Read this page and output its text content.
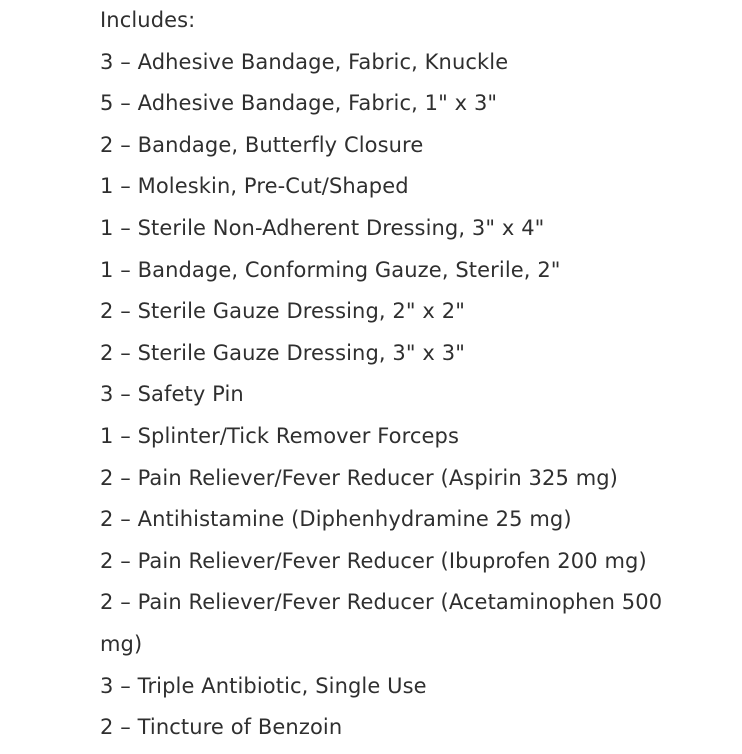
Includes:
3 – Adhesive Bandage, Fabric, Knuckle
5 – Adhesive Bandage, Fabric, 1" x 3"
2 – Bandage, Butterfly Closure
1 – Moleskin, Pre-Cut/Shaped
1 – Sterile Non-Adherent Dressing, 3" x 4"
1 – Bandage, Conforming Gauze, Sterile, 2"
2 – Sterile Gauze Dressing, 2" x 2"
2 – Sterile Gauze Dressing, 3" x 3"
3 – Safety Pin
1 – Splinter/Tick Remover Forceps
2 – Pain Reliever/Fever Reducer (Aspirin 325 mg)
2 – Antihistamine (Diphenhydramine 25 mg)
2 – Pain Reliever/Fever Reducer (Ibuprofen 200 mg)
2 – Pain Reliever/Fever Reducer (Acetaminophen 500 mg)
3 – Triple Antibiotic, Single Use
2 – Tincture of Benzoin
